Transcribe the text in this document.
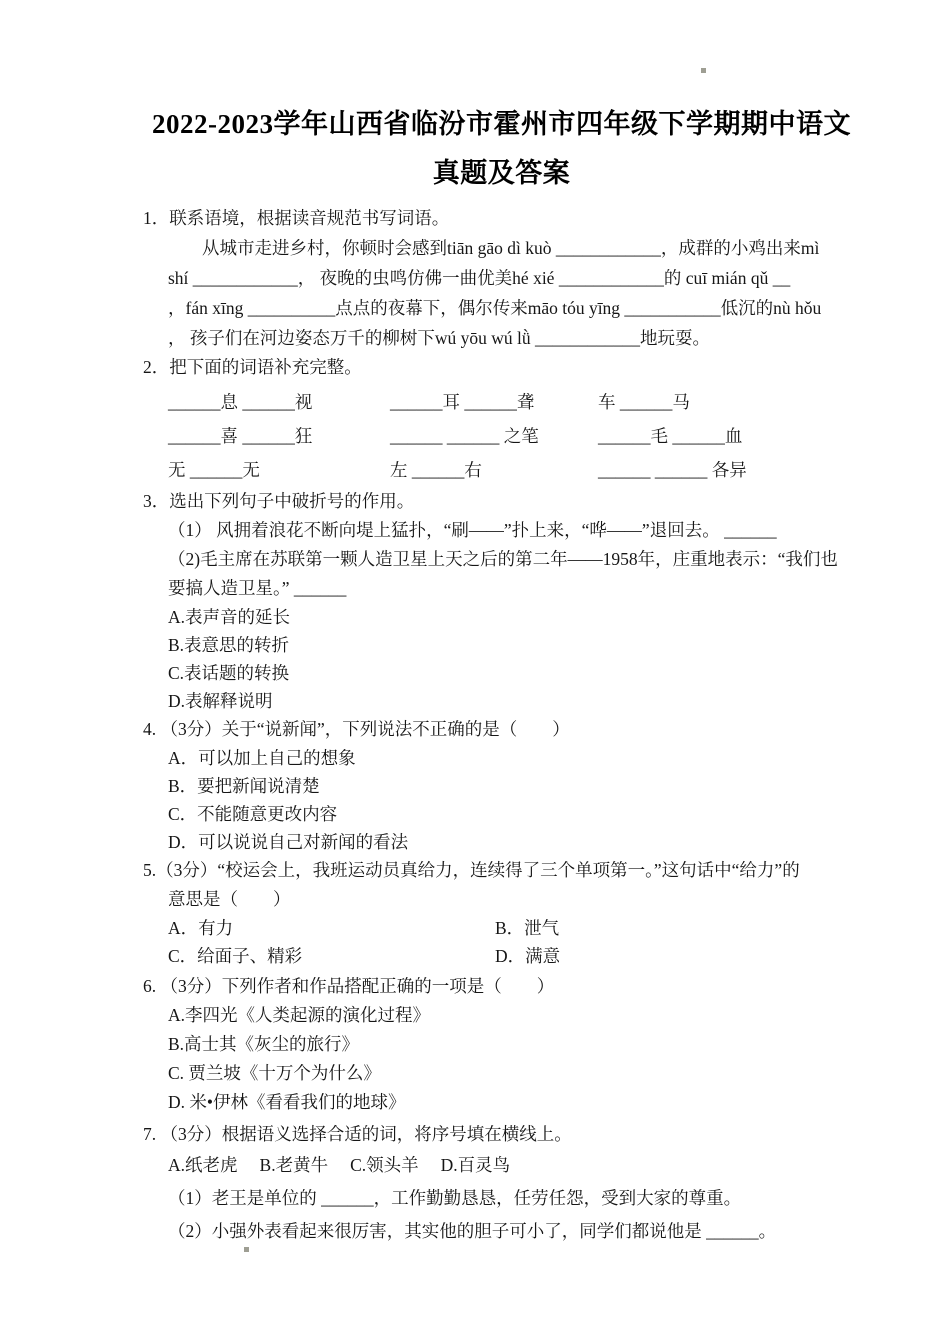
2022-2023学年山西省临汾市霍州市四年级下学期期中语文
真题及答案
1．联系语境，根据读音规范书写词语。
从城市走进乡村，你顿时会感到tiān gāo dì kuò ____________，成群的小鸡出来mì
shí ____________， 夜晚的虫鸣仿佛一曲优美hé xié ____________的 cuī mián qǔ __
，fán xīng __________点点的夜幕下，偶尔传来māo tóu yīng ___________低沉的nù hǒu
， 孩子们在河边姿态万千的柳树下wú yōu wú lǜ ____________地玩耍。
2．把下面的词语补充完整。
______息 ______视	______耳 ______聋	车 ______马
______喜 ______狂	______ ______ 之笔	______毛 ______血
无 ______无	左 ______右	______ ______ 各异
3．选出下列句子中破折号的作用。
（1） 风拥着浪花不断向堤上猛扑，“刷——”扑上来，“哗——”退回去。 ______
（2)毛主席在苏联第一颗人造卫星上天之后的第二年——1958年，庄重地表示：“我们也
要搞人造卫星。” ______
A.表声音的延长
B.表意思的转折
C.表话题的转换
D.表解释说明
4. （3分）关于“说新闻”，下列说法不正确的是（　　）
A．可以加上自己的想象
B．要把新闻说清楚
C．不能随意更改内容
D．可以说说自己对新闻的看法
5.（3分）“校运会上，我班运动员真给力，连续得了三个单项第一。”这句话中“给力”的
意思是（　　）
A．有力	B．泄气
C．给面子、精彩	D．满意
6. （3分）下列作者和作品搭配正确的一项是（　　）
A.李四光《人类起源的演化过程》
B.高士其《灰尘的旅行》
C. 贾兰坡《十万个为什么》
D. 米•伊林《看看我们的地球》
7. （3分）根据语义选择合适的词，将序号填在横线上。
A.纸老虎 B.老黄牛 C.领头羊 D.百灵鸟
（1）老王是单位的 ______，工作勤勤恳恳，任劳任怨，受到大家的尊重。
（2）小强外表看起来很厉害，其实他的胆子可小了，同学们都说他是 ______。
